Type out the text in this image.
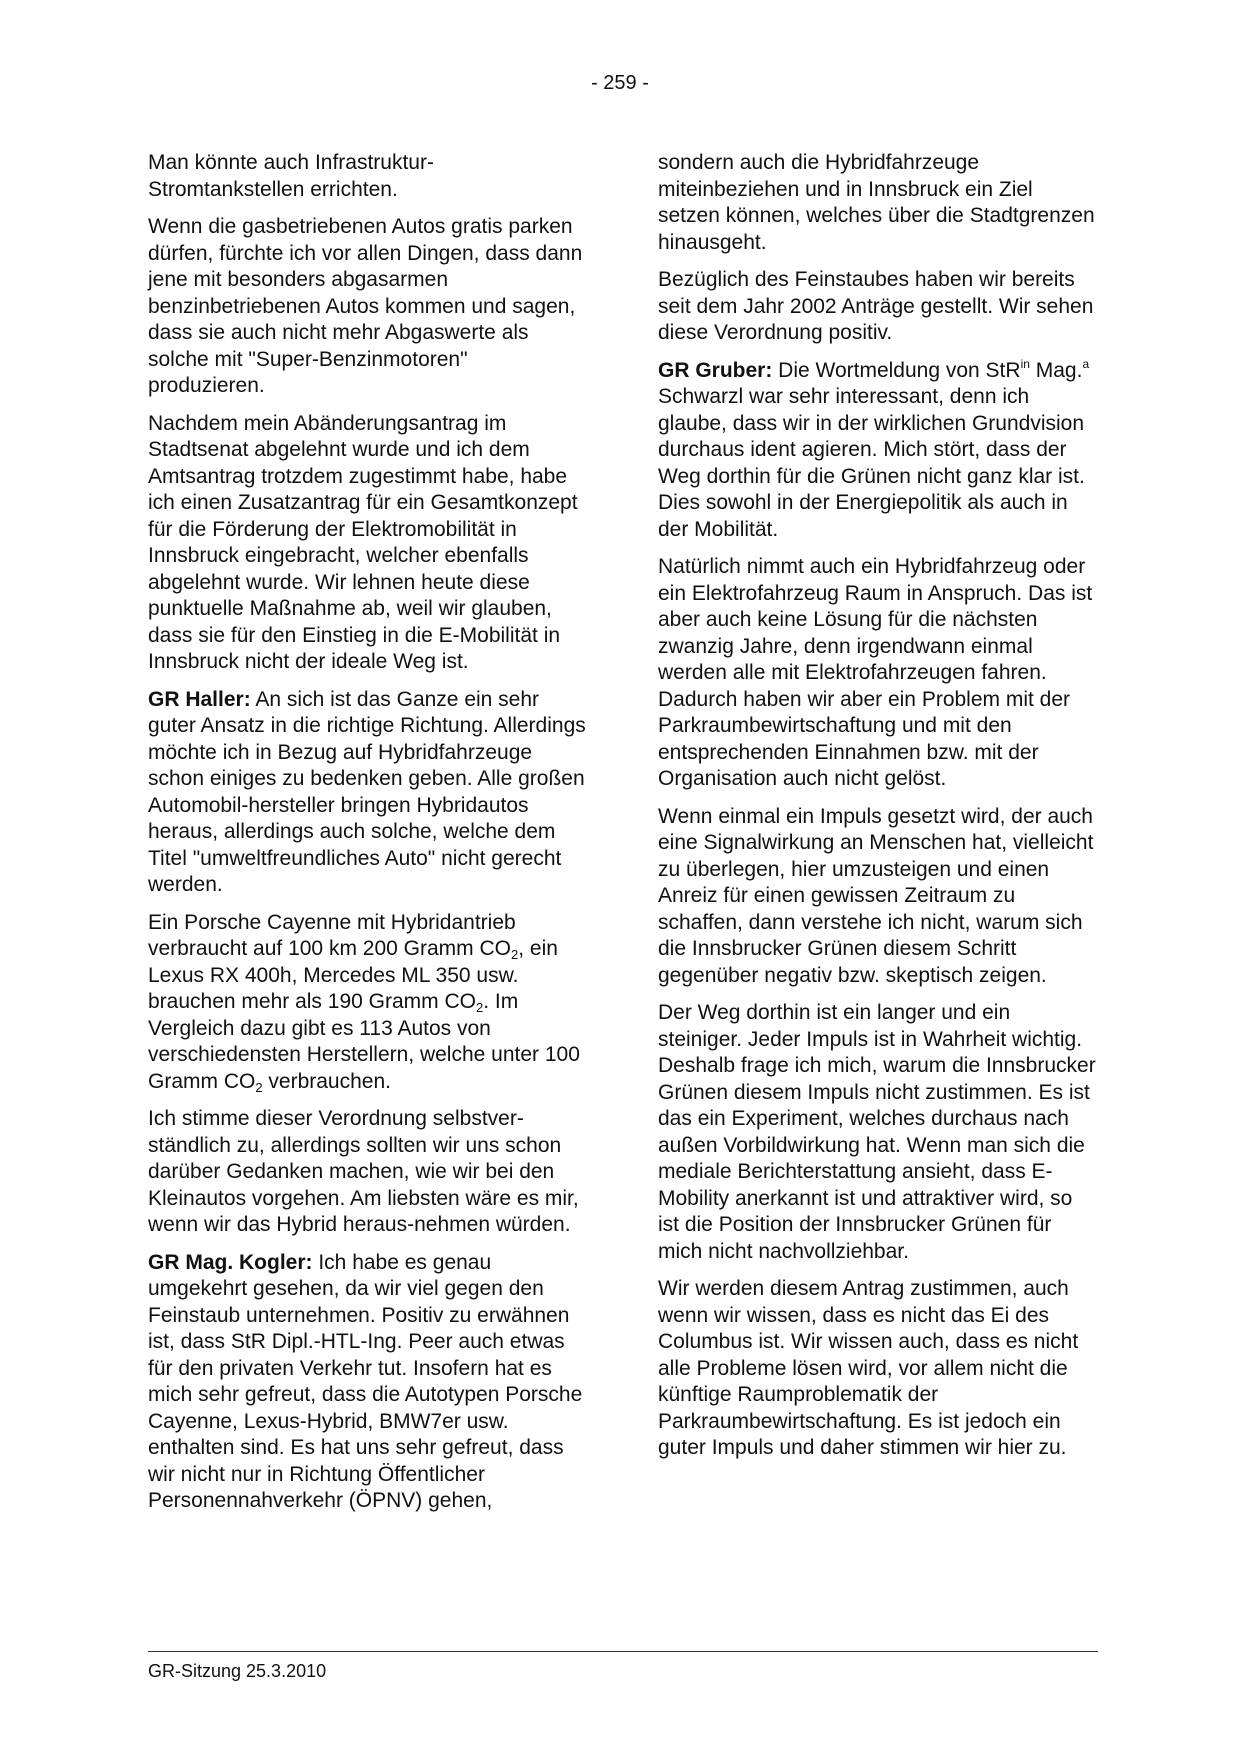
- 259 -

Man könnte auch Infrastruktur-Stromtankstellen errichten.

Wenn die gasbetriebenen Autos gratis parken dürfen, fürchte ich vor allen Dingen, dass dann jene mit besonders abgasarmen benzinbetriebenen Autos kommen und sagen, dass sie auch nicht mehr Abgaswerte als solche mit "Super-Benzinmotoren" produzieren.

Nachdem mein Abänderungsantrag im Stadtsenat abgelehnt wurde und ich dem Amtsantrag trotzdem zugestimmt habe, habe ich einen Zusatzantrag für ein Gesamtkonzept für die Förderung der Elektromobilität in Innsbruck eingebracht, welcher ebenfalls abgelehnt wurde. Wir lehnen heute diese punktuelle Maßnahme ab, weil wir glauben, dass sie für den Einstieg in die E-Mobilität in Innsbruck nicht der ideale Weg ist.

GR Haller: An sich ist das Ganze ein sehr guter Ansatz in die richtige Richtung. Allerdings möchte ich in Bezug auf Hybridfahrzeuge schon einiges zu bedenken geben. Alle großen Automobil-hersteller bringen Hybridautos heraus, allerdings auch solche, welche dem Titel "umweltfreundliches Auto" nicht gerecht werden.

Ein Porsche Cayenne mit Hybridantrieb verbraucht auf 100 km 200 Gramm $CO_2$, ein Lexus RX 400h, Mercedes ML 350 usw. brauchen mehr als 190 Gramm $CO_2$. Im Vergleich dazu gibt es 113 Autos von verschiedensten Herstellern, welche unter 100 Gramm $CO_2$ verbrauchen.

Ich stimme dieser Verordnung selbstver-ständlich zu, allerdings sollten wir uns schon darüber Gedanken machen, wie wir bei den Kleinautos vorgehen. Am liebsten wäre es mir, wenn wir das Hybrid heraus-nehmen würden.

GR Mag. Kogler: Ich habe es genau umgekehrt gesehen, da wir viel gegen den Feinstaub unternehmen. Positiv zu erwähnen ist, dass StR Dipl.-HTL-Ing. Peer auch etwas für den privaten Verkehr tut. Insofern hat es mich sehr gefreut, dass die Autotypen Porsche Cayenne, Lexus-Hybrid, BMW7er usw. enthalten sind. Es hat uns sehr gefreut, dass wir nicht nur in Richtung Öffentlicher Personennahverkehr (ÖPNV) gehen,

sondern auch die Hybridfahrzeuge miteinbeziehen und in Innsbruck ein Ziel setzen können, welches über die Stadtgrenzen hinausgeht.

Bezüglich des Feinstaubes haben wir bereits seit dem Jahr 2002 Anträge gestellt. Wir sehen diese Verordnung positiv.

GR Gruber: Die Wortmeldung von StR$^{in}$ Mag.$^a$ Schwarzl war sehr interessant, denn ich glaube, dass wir in der wirklichen Grundvision durchaus ident agieren. Mich stört, dass der Weg dorthin für die Grünen nicht ganz klar ist. Dies sowohl in der Energiepolitik als auch in der Mobilität.

Natürlich nimmt auch ein Hybridfahrzeug oder ein Elektrofahrzeug Raum in Anspruch. Das ist aber auch keine Lösung für die nächsten zwanzig Jahre, denn irgendwann einmal werden alle mit Elektrofahrzeugen fahren. Dadurch haben wir aber ein Problem mit der Parkraumbewirtschaftung und mit den entsprechenden Einnahmen bzw. mit der Organisation auch nicht gelöst.

Wenn einmal ein Impuls gesetzt wird, der auch eine Signalwirkung an Menschen hat, vielleicht zu überlegen, hier umzusteigen und einen Anreiz für einen gewissen Zeitraum zu schaffen, dann verstehe ich nicht, warum sich die Innsbrucker Grünen diesem Schritt gegenüber negativ bzw. skeptisch zeigen.

Der Weg dorthin ist ein langer und ein steiniger. Jeder Impuls ist in Wahrheit wichtig. Deshalb frage ich mich, warum die Innsbrucker Grünen diesem Impuls nicht zustimmen. Es ist das ein Experiment, welches durchaus nach außen Vorbildwirkung hat. Wenn man sich die mediale Berichterstattung ansieht, dass E-Mobility anerkannt ist und attraktiver wird, so ist die Position der Innsbrucker Grünen für mich nicht nachvollziehbar.

Wir werden diesem Antrag zustimmen, auch wenn wir wissen, dass es nicht das Ei des Columbus ist. Wir wissen auch, dass es nicht alle Probleme lösen wird, vor allem nicht die künftige Raumproblematik der Parkraumbewirtschaftung. Es ist jedoch ein guter Impuls und daher stimmen wir hier zu.

GR-Sitzung 25.3.2010
